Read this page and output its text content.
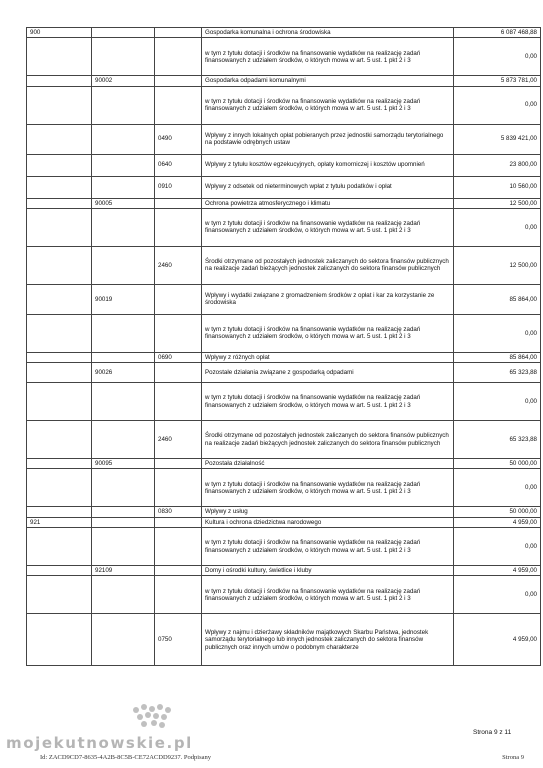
900			Gospodarka komunalna i ochrona środowiska	6 087 468,88
			w tym z tytułu dotacji i środków na finansowanie wydatków na realizację zadań finansowanych z udziałem środków, o których mowa w art. 5 ust. 1 pkt 2 i 3	0,00
	90002		Gospodarka odpadami komunalnymi	5 873 781,00
			w tym z tytułu dotacji i środków na finansowanie wydatków na realizację zadań finansowanych z udziałem środków, o których mowa w art. 5 ust. 1 pkt 2 i 3	0,00
		0490	Wpływy z innych lokalnych opłat pobieranych przez jednostki samorządu terytorialnego na podstawie odrębnych ustaw	5 839 421,00
		0640	Wpływy z tytułu kosztów egzekucyjnych, opłaty komorniczej i kosztów upomnień	23 800,00
		0910	Wpływy z odsetek od nieterminowych wpłat z tytułu podatków i opłat	10 560,00
	90005		Ochrona powietrza atmosferycznego i klimatu	12 500,00
			w tym z tytułu dotacji i środków na finansowanie wydatków na realizację zadań finansowanych z udziałem środków, o których mowa w art. 5 ust. 1 pkt 2 i 3	0,00
		2460	Środki otrzymane od pozostałych jednostek zaliczanych do sektora finansów publicznych na realizacje zadań bieżących jednostek zaliczanych do sektora finansów publicznych	12 500,00
	90019		Wpływy i wydatki związane z gromadzeniem środków z opłat i kar za korzystanie ze środowiska	85 864,00
			w tym z tytułu dotacji i środków na finansowanie wydatków na realizację zadań finansowanych z udziałem środków, o których mowa w art. 5 ust. 1 pkt 2 i 3	0,00
		0690	Wpływy z różnych opłat	85 864,00
	90026		Pozostałe działania związane z gospodarką odpadami	65 323,88
			w tym z tytułu dotacji i środków na finansowanie wydatków na realizację zadań finansowanych z udziałem środków, o których mowa w art. 5 ust. 1 pkt 2 i 3	0,00
		2460	Środki otrzymane od pozostałych jednostek zaliczanych do sektora finansów publicznych na realizacje zadań bieżących jednostek zaliczanych do sektora finansów publicznych	65 323,88
	90095		Pozostała działalność	50 000,00
			w tym z tytułu dotacji i środków na finansowanie wydatków na realizację zadań finansowanych z udziałem środków, o których mowa w art. 5 ust. 1 pkt 2 i 3	0,00
		0830	Wpływy z usług	50 000,00
921			Kultura i ochrona dziedzictwa narodowego	4 959,00
			w tym z tytułu dotacji i środków na finansowanie wydatków na realizację zadań finansowanych z udziałem środków, o których mowa w art. 5 ust. 1 pkt 2 i 3	0,00
	92109		Domy i ośrodki kultury, świetlice i kluby	4 959,00
			w tym z tytułu dotacji i środków na finansowanie wydatków na realizację zadań finansowanych z udziałem środków, o których mowa w art. 5 ust. 1 pkt 2 i 3	0,00
		0750	Wpływy z najmu i dzierżawy składników majątkowych Skarbu Państwa, jednostek samorządu terytorialnego lub innych jednostek zaliczanych do sektora finansów publicznych oraz innych umów o podobnym charakterze	4 959,00
mojekutnowskie.pl
Strona 9 z 11
Id: ZACD9CD7-8635-4A2B-8C5B-CE72ACDD9237. Podpisany	Strona 9
